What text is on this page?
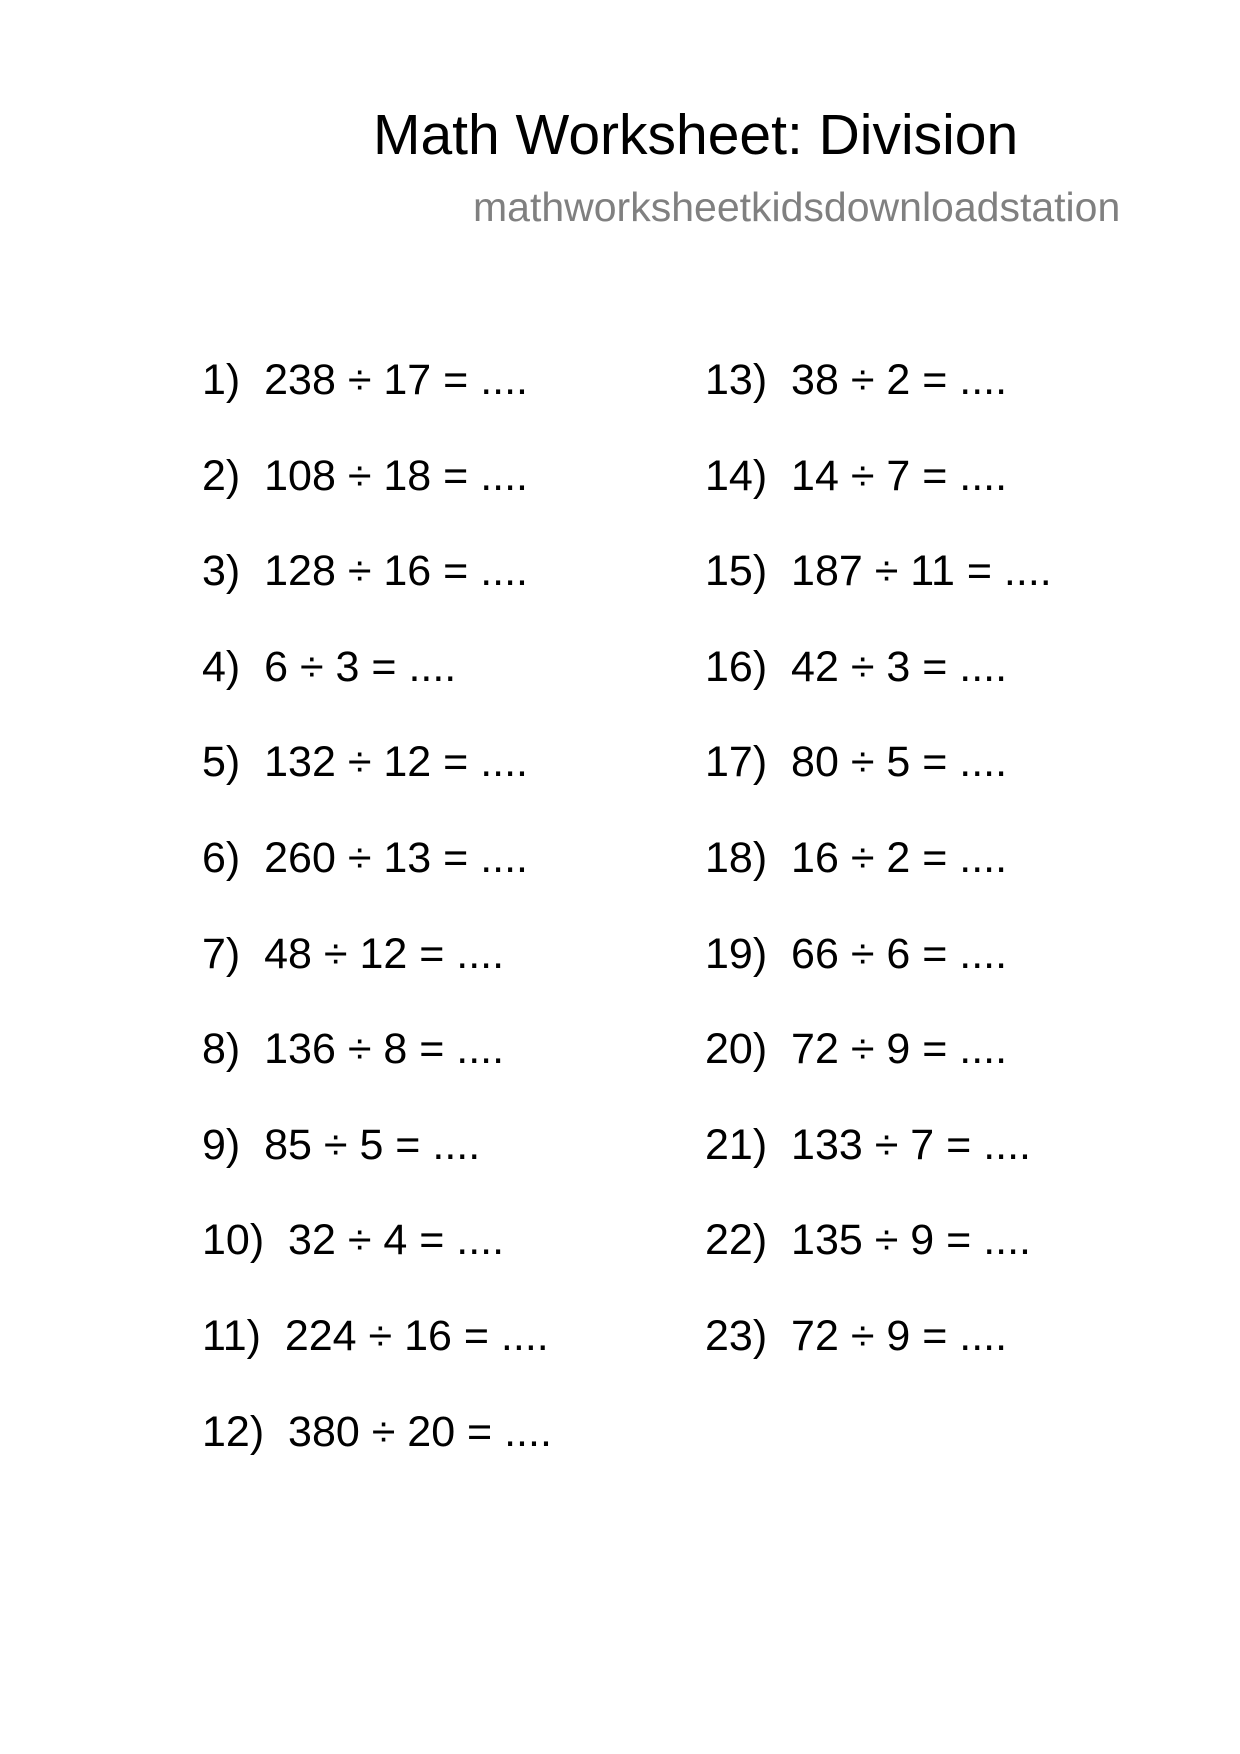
Math Worksheet: Division
mathworksheetkidsdownloadstation
1)  238 ÷ 17 = ....
2)  108 ÷ 18 = ....
3)  128 ÷ 16 = ....
4)  6 ÷ 3 = ....
5)  132 ÷ 12 = ....
6)  260 ÷ 13 = ....
7)  48 ÷ 12 = ....
8)  136 ÷ 8 = ....
9)  85 ÷ 5 = ....
10)  32 ÷ 4 = ....
11)  224 ÷ 16 = ....
12)  380 ÷ 20 = ....
13)  38 ÷ 2 = ....
14)  14 ÷ 7 = ....
15)  187 ÷ 11 = ....
16)  42 ÷ 3 = ....
17)  80 ÷ 5 = ....
18)  16 ÷ 2 = ....
19)  66 ÷ 6 = ....
20)  72 ÷ 9 = ....
21)  133 ÷ 7 = ....
22)  135 ÷ 9 = ....
23)  72 ÷ 9 = ....
